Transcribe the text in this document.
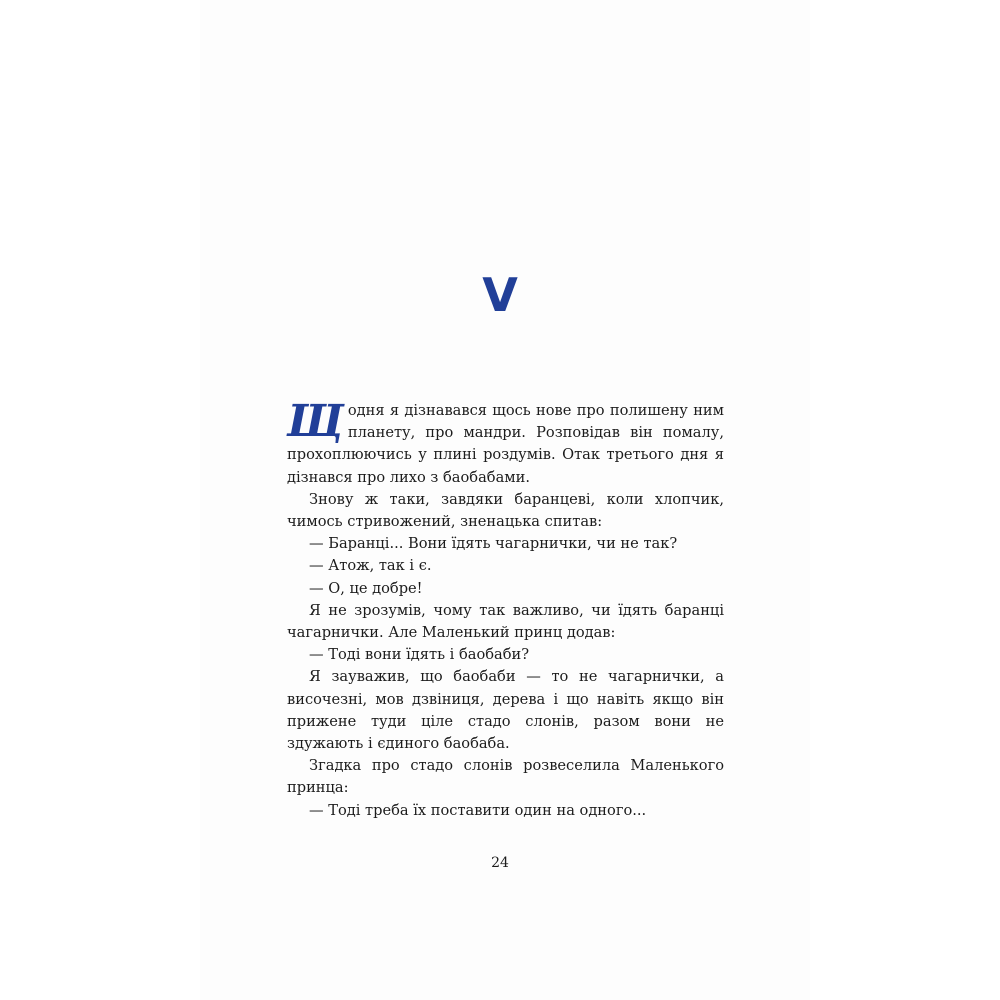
V

Щодня я дізнавався щось нове про полишену ним планету, про мандри. Розповідав він помалу, прохоплюючись у плині роздумів. Отак третього дня я дізнався про лихо з баобабами.

Знову ж таки, завдяки баранцеві, коли хлопчик, чимось стривожений, зненацька спитав:

— Баранці... Вони їдять чагарнички, чи не так?

— Атож, так і є.

— О, це добре!

Я не зрозумів, чому так важливо, чи їдять баранці чагарнички. Але Маленький принц додав:

— Тоді вони їдять і баобаби?

Я зауважив, що баобаби — то не чагарнички, а височезні, мов дзвіниця, дерева і що навіть якщо він прижене туди ціле стадо слонів, разом вони не здужають і єдиного баобаба.

Згадка про стадо слонів розвеселила Маленького принца:

— Тоді треба їх поставити один на одного...

24
